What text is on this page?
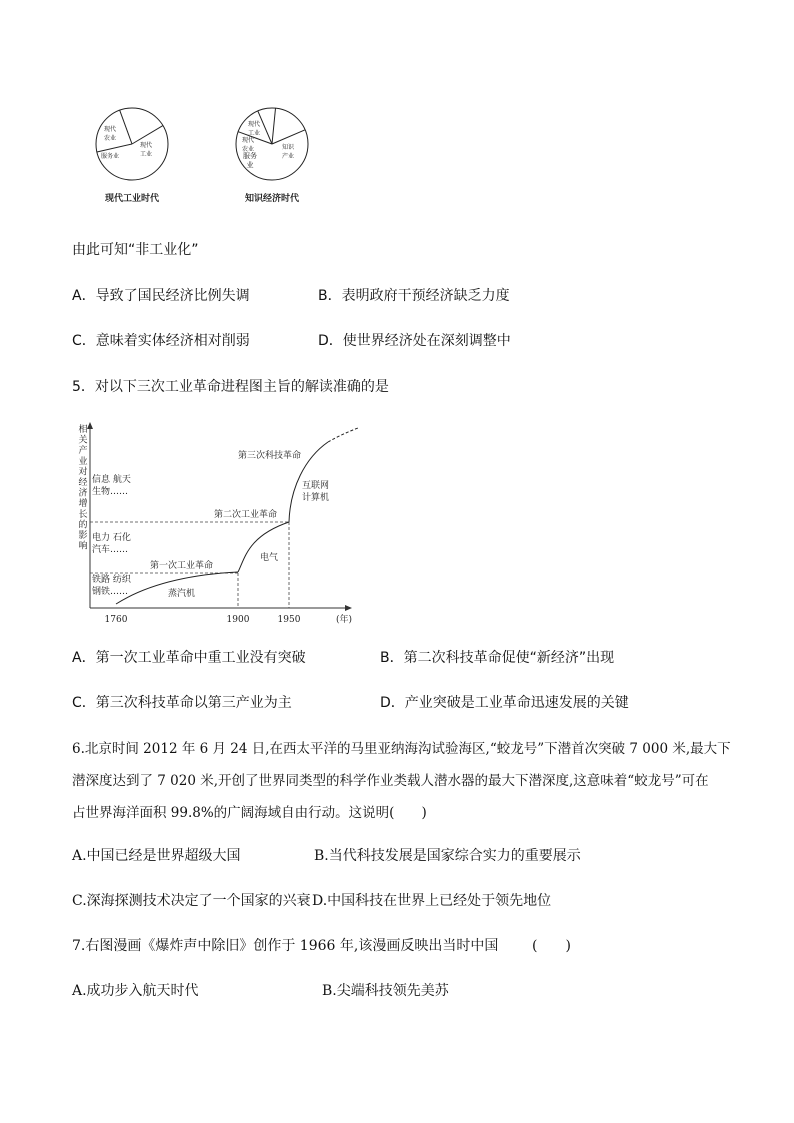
现代
农业
现代
工业
服务业
现代
工业
现代
农业
服务
业
知识
产业
现代工业时代	知识经济时代
由此可知“非工业化”
A．导致了国民经济比例失调	B．表明政府干预经济缺乏力度
C．意味着实体经济相对削弱	D．使世界经济处在深刻调整中
5．对以下三次工业革命进程图主旨的解读准确的是
相
关
产
业
对
经
济
增
长
的
影
响
1760	1900	1950	(年)
信息 航天
生物……
电力 石化
汽车……
铁路 纺织
钢铁……
第三次科技革命
第二次工业革命
第一次工业革命
互联网
计算机
电气
蒸汽机
A．第一次工业革命中重工业没有突破	B．第二次科技革命促使“新经济”出现
C．第三次科技革命以第三产业为主	D．产业突破是工业革命迅速发展的关键
6.北京时间 2012 年 6 月 24 日,在西太平洋的马里亚纳海沟试验海区,“蛟龙号”下潜首次突破 7 000 米,最大下
潜深度达到了 7 020 米,开创了世界同类型的科学作业类载人潜水器的最大下潜深度,这意味着“蛟龙号”可在
占世界海洋面积 99.8%的广阔海域自由行动。这说明(　　)
A.中国已经是世界超级大国	B.当代科技发展是国家综合实力的重要展示
C.深海探测技术决定了一个国家的兴衰 D.中国科技在世界上已经处于领先地位
7.右图漫画《爆炸声中除旧》创作于 1966 年,该漫画反映出当时中国 (　　)
A.成功步入航天时代	B.尖端科技领先美苏
